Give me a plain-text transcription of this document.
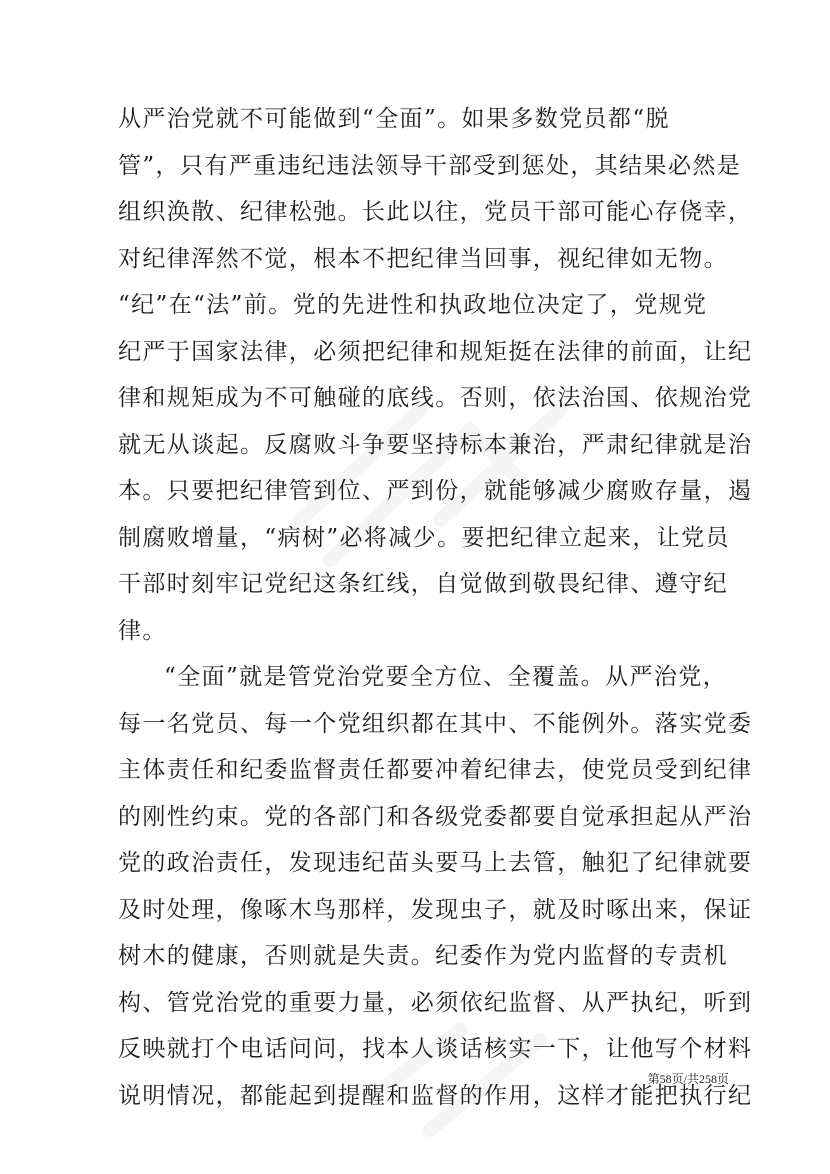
从严治党就不可能做到“全面”。如果多数党员都“脱
管”，只有严重违纪违法领导干部受到惩处，其结果必然是
组织涣散、纪律松弛。长此以往，党员干部可能心存侥幸，
对纪律浑然不觉，根本不把纪律当回事，视纪律如无物。
“纪”在“法”前。党的先进性和执政地位决定了，党规党
纪严于国家法律，必须把纪律和规矩挺在法律的前面，让纪
律和规矩成为不可触碰的底线。否则，依法治国、依规治党
就无从谈起。反腐败斗争要坚持标本兼治，严肃纪律就是治
本。只要把纪律管到位、严到份，就能够减少腐败存量，遏
制腐败增量，“病树”必将减少。要把纪律立起来，让党员
干部时刻牢记党纪这条红线，自觉做到敬畏纪律、遵守纪
律。
“全面”就是管党治党要全方位、全覆盖。从严治党，
每一名党员、每一个党组织都在其中、不能例外。落实党委
主体责任和纪委监督责任都要冲着纪律去，使党员受到纪律
的刚性约束。党的各部门和各级党委都要自觉承担起从严治
党的政治责任，发现违纪苗头要马上去管，触犯了纪律就要
及时处理，像啄木鸟那样，发现虫子，就及时啄出来，保证
树木的健康，否则就是失责。纪委作为党内监督的专责机
构、管党治党的重要力量，必须依纪监督、从严执纪，听到
反映就打个电话问问，找本人谈话核实一下，让他写个材料
说明情况，都能起到提醒和监督的作用，这样才能把执行纪
第58页/共258页
